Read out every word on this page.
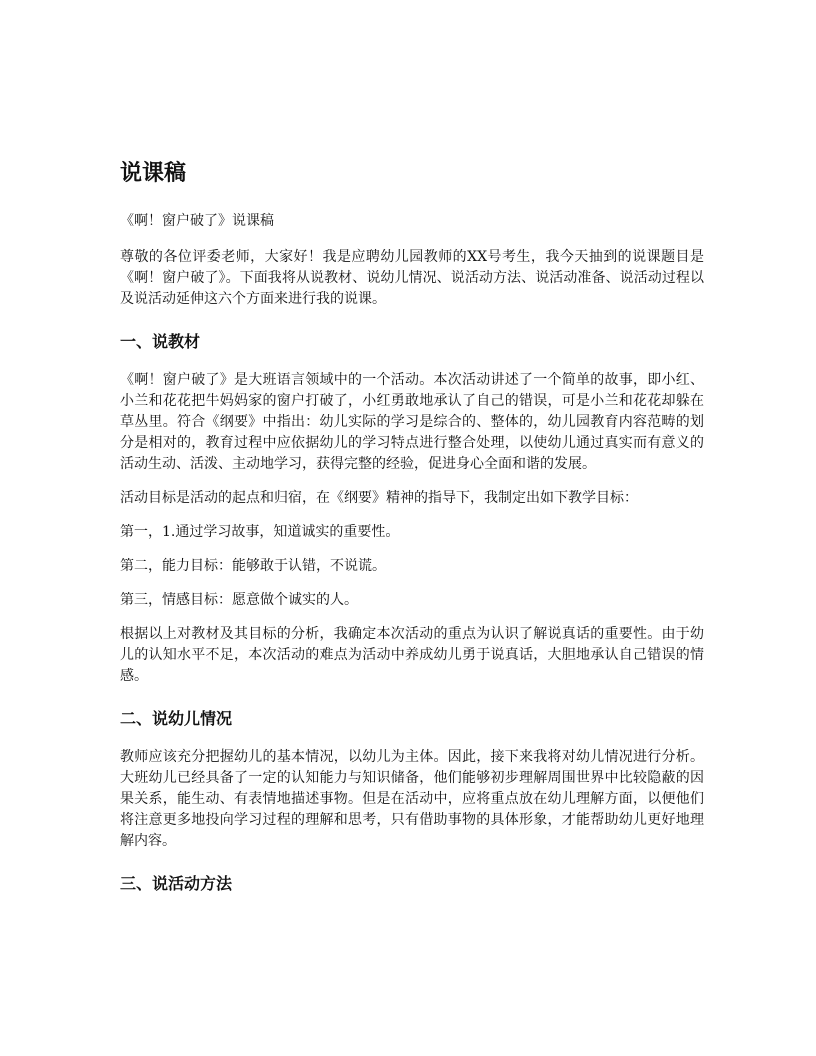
说课稿
《啊！窗户破了》说课稿

尊敬的各位评委老师，大家好！我是应聘幼儿园教师的XX号考生，我今天抽到的说课题目是《啊！窗户破了》。下面我将从说教材、说幼儿情况、说活动方法、说活动准备、说活动过程以及说活动延伸这六个方面来进行我的说课。

一、说教材

《啊！窗户破了》是大班语言领域中的一个活动。本次活动讲述了一个简单的故事，即小红、小兰和花花把牛妈妈家的窗户打破了，小红勇敢地承认了自己的错误，可是小兰和花花却躲在草丛里。符合《纲要》中指出：幼儿实际的学习是综合的、整体的，幼儿园教育内容范畴的划分是相对的，教育过程中应依据幼儿的学习特点进行整合处理，以使幼儿通过真实而有意义的活动生动、活泼、主动地学习，获得完整的经验，促进身心全面和谐的发展。

活动目标是活动的起点和归宿，在《纲要》精神的指导下，我制定出如下教学目标：

第一，1.通过学习故事，知道诚实的重要性。

第二，能力目标：能够敢于认错，不说谎。

第三，情感目标：愿意做个诚实的人。

根据以上对教材及其目标的分析，我确定本次活动的重点为认识了解说真话的重要性。由于幼儿的认知水平不足，本次活动的难点为活动中养成幼儿勇于说真话，大胆地承认自己错误的情感。

二、说幼儿情况

教师应该充分把握幼儿的基本情况，以幼儿为主体。因此，接下来我将对幼儿情况进行分析。大班幼儿已经具备了一定的认知能力与知识储备，他们能够初步理解周围世界中比较隐蔽的因果关系，能生动、有表情地描述事物。但是在活动中，应将重点放在幼儿理解方面，以便他们将注意更多地投向学习过程的理解和思考，只有借助事物的具体形象，才能帮助幼儿更好地理解内容。

三、说活动方法
